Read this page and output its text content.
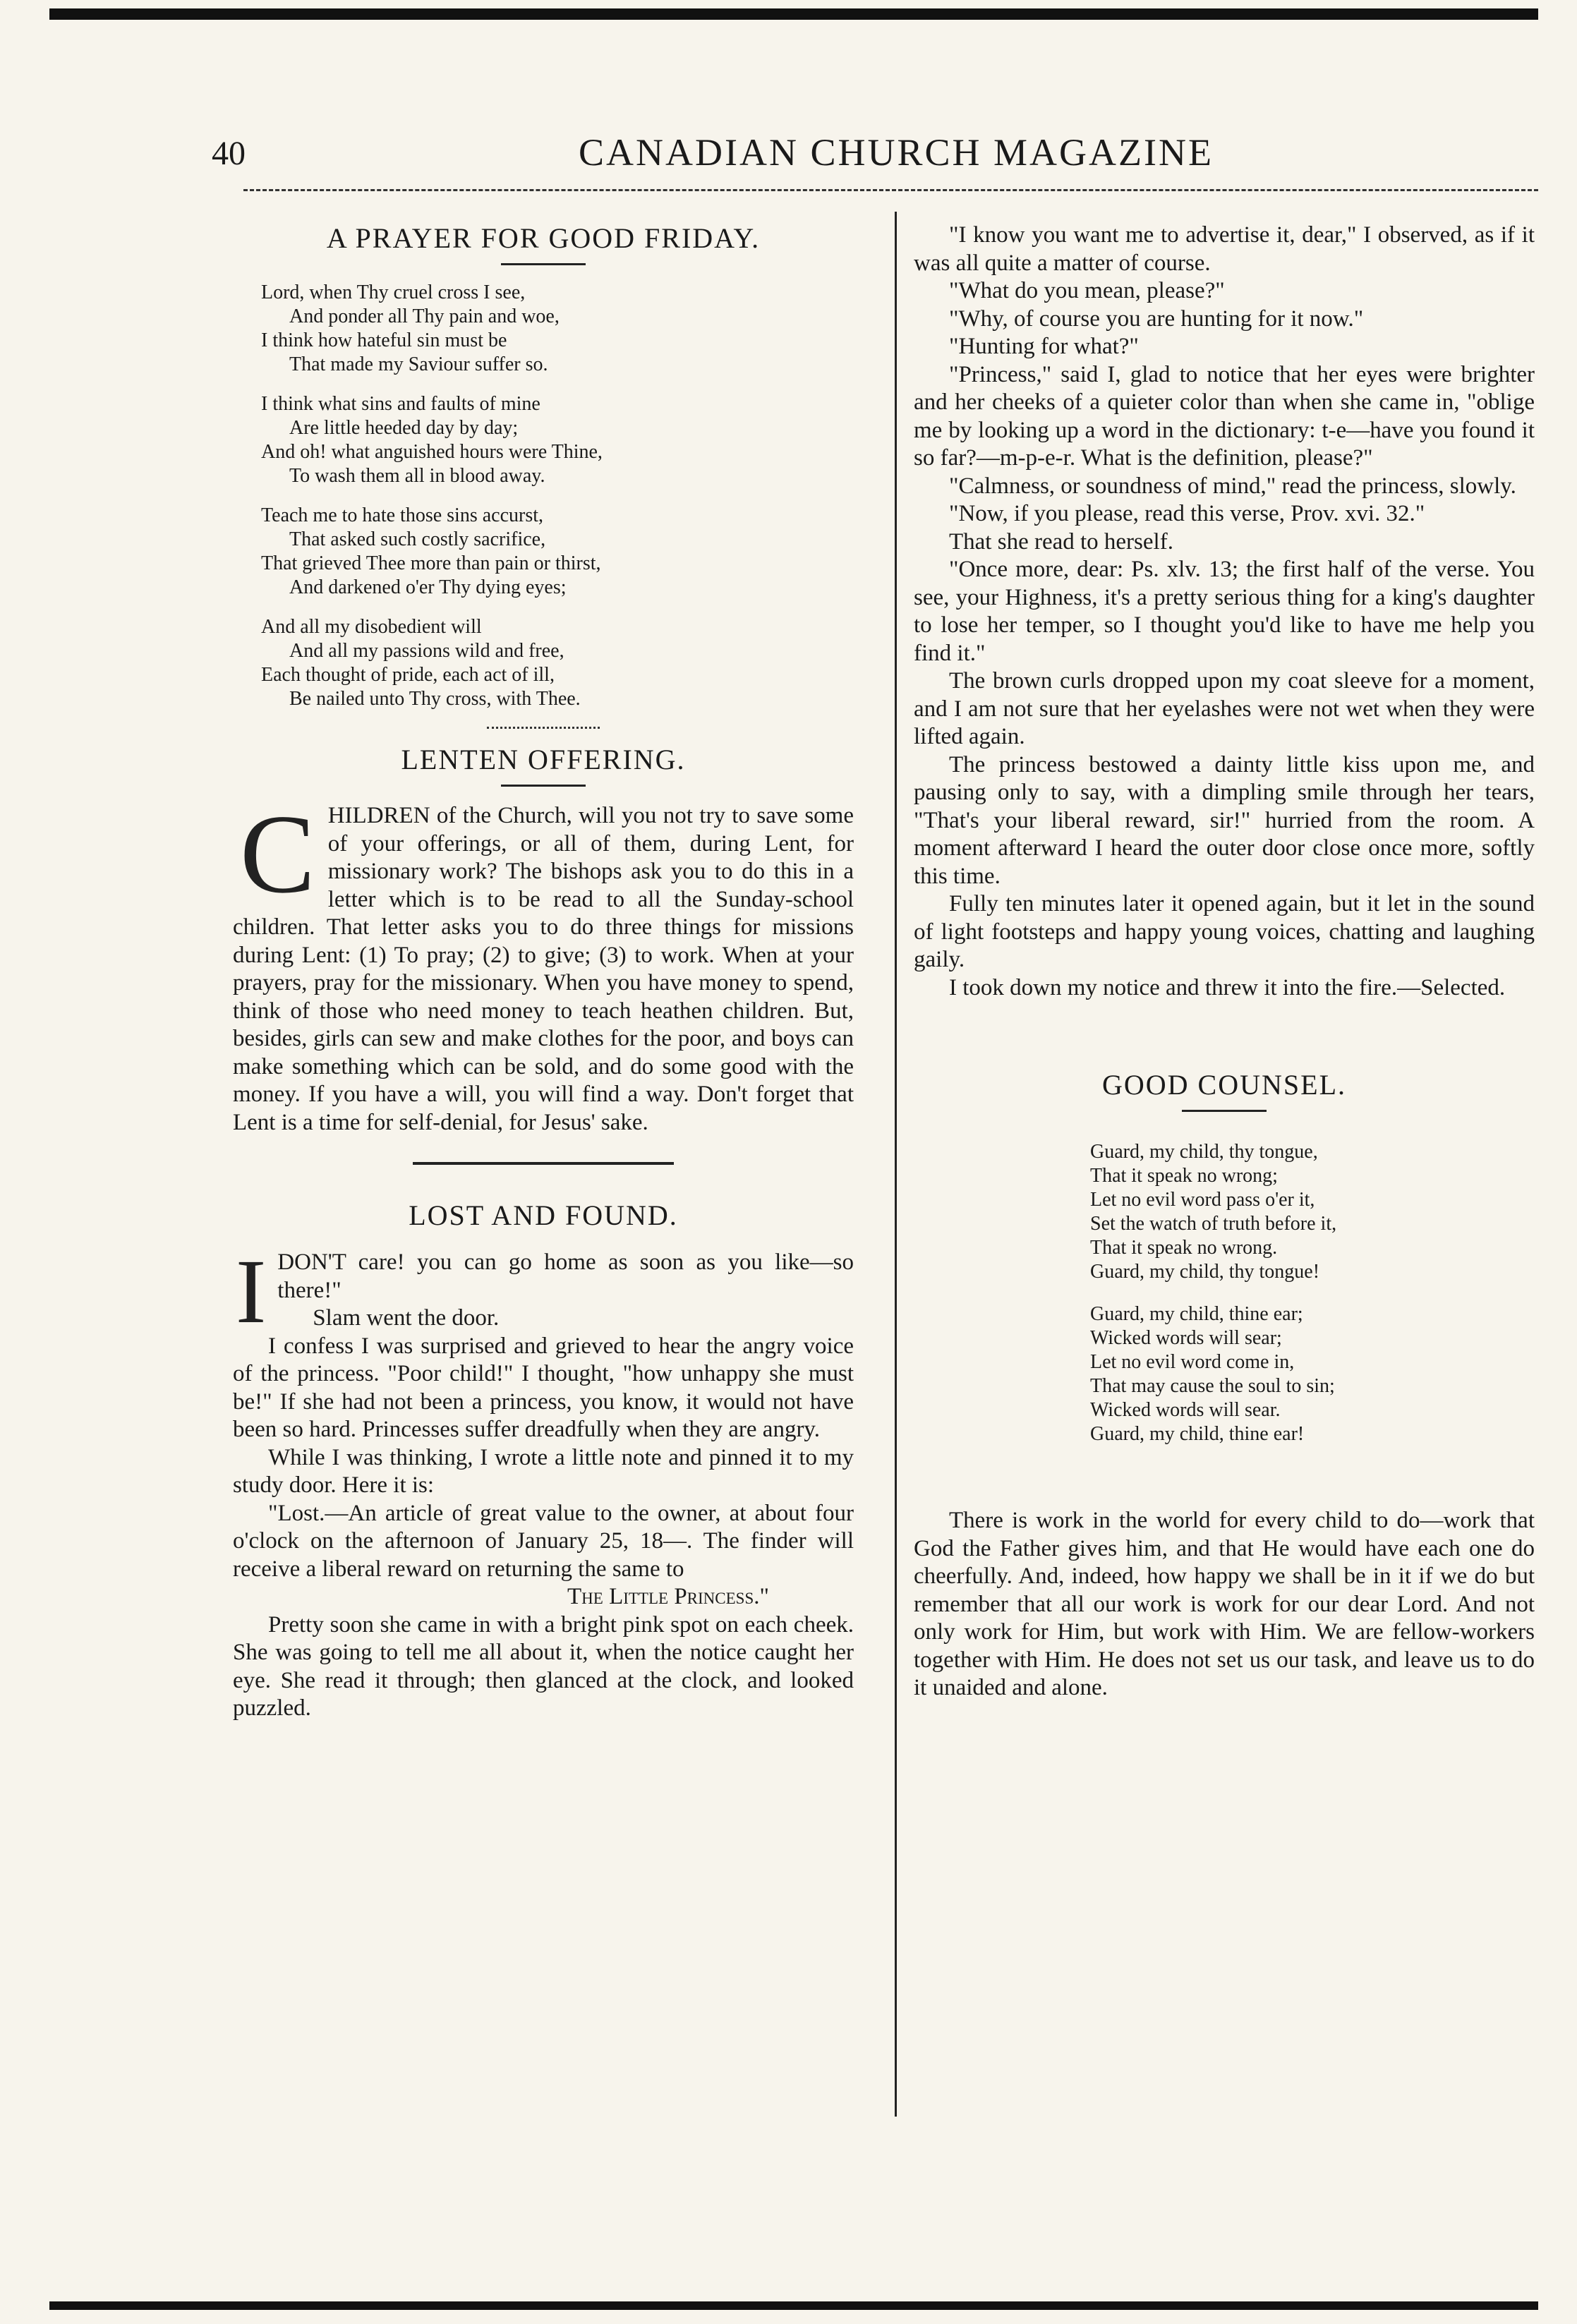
40	CANADIAN CHURCH MAGAZINE
A PRAYER FOR GOOD FRIDAY.
Lord, when Thy cruel cross I see,
And ponder all Thy pain and woe,
I think how hateful sin must be
That made my Saviour suffer so.
I think what sins and faults of mine
Are little heeded day by day;
And oh! what anguished hours were Thine,
To wash them all in blood away.
Teach me to hate those sins accurst,
That asked such costly sacrifice,
That grieved Thee more than pain or thirst,
And darkened o'er Thy dying eyes;
And all my disobedient will
And all my passions wild and free,
Each thought of pride, each act of ill,
Be nailed unto Thy cross, with Thee.
LENTEN OFFERING.
C HILDREN of the Church, will you not try to save some of your offerings, or all of them, during Lent, for missionary work? The bishops ask you to do this in a letter which is to be read to all the Sunday-school children. That letter asks you to do three things for missions during Lent: (1) To pray; (2) to give; (3) to work. When at your prayers, pray for the missionary. When you have money to spend, think of those who need money to teach heathen children. But, besides, girls can sew and make clothes for the poor, and boys can make something which can be sold, and do some good with the money. If you have a will, you will find a way. Don't forget that Lent is a time for self-denial, for Jesus' sake.

LOST AND FOUND.
I DON'T care! you can go home as soon as you like—so there!"

Slam went the door.

I confess I was surprised and grieved to hear the angry voice of the princess. "Poor child!" I thought, "how unhappy she must be!" If she had not been a princess, you know, it would not have been so hard. Princesses suffer dreadfully when they are angry.

While I was thinking, I wrote a little note and pinned it to my study door. Here it is:

"Lost.—An article of great value to the owner, at about four o'clock on the afternoon of January 25, 18—. The finder will receive a liberal reward on returning the same to

The Little Princess."

Pretty soon she came in with a bright pink spot on each cheek. She was going to tell me all about it, when the notice caught her eye. She read it through; then glanced at the clock, and looked puzzled.

"I know you want me to advertise it, dear," I observed, as if it was all quite a matter of course.

"What do you mean, please?"

"Why, of course you are hunting for it now."

"Hunting for what?"

"Princess," said I, glad to notice that her eyes were brighter and her cheeks of a quieter color than when she came in, "oblige me by looking up a word in the dictionary: t-e—have you found it so far?—m-p-e-r. What is the definition, please?"

"Calmness, or soundness of mind," read the princess, slowly.

"Now, if you please, read this verse, Prov. xvi. 32."

That she read to herself.

"Once more, dear: Ps. xlv. 13; the first half of the verse. You see, your Highness, it's a pretty serious thing for a king's daughter to lose her temper, so I thought you'd like to have me help you find it."

The brown curls dropped upon my coat sleeve for a moment, and I am not sure that her eyelashes were not wet when they were lifted again.

The princess bestowed a dainty little kiss upon me, and pausing only to say, with a dimpling smile through her tears, "That's your liberal reward, sir!" hurried from the room. A moment afterward I heard the outer door close once more, softly this time.

Fully ten minutes later it opened again, but it let in the sound of light footsteps and happy young voices, chatting and laughing gaily.

I took down my notice and threw it into the fire.—Selected.

GOOD COUNSEL.
Guard, my child, thy tongue,
That it speak no wrong;
Let no evil word pass o'er it,
Set the watch of truth before it,
That it speak no wrong.
Guard, my child, thy tongue!
Guard, my child, thine ear;
Wicked words will sear;
Let no evil word come in,
That may cause the soul to sin;
Wicked words will sear.
Guard, my child, thine ear!

There is work in the world for every child to do—work that God the Father gives him, and that He would have each one do cheerfully. And, indeed, how happy we shall be in it if we do but remember that all our work is work for our dear Lord. And not only work for Him, but work with Him. We are fellow-workers together with Him. He does not set us our task, and leave us to do it unaided and alone.
